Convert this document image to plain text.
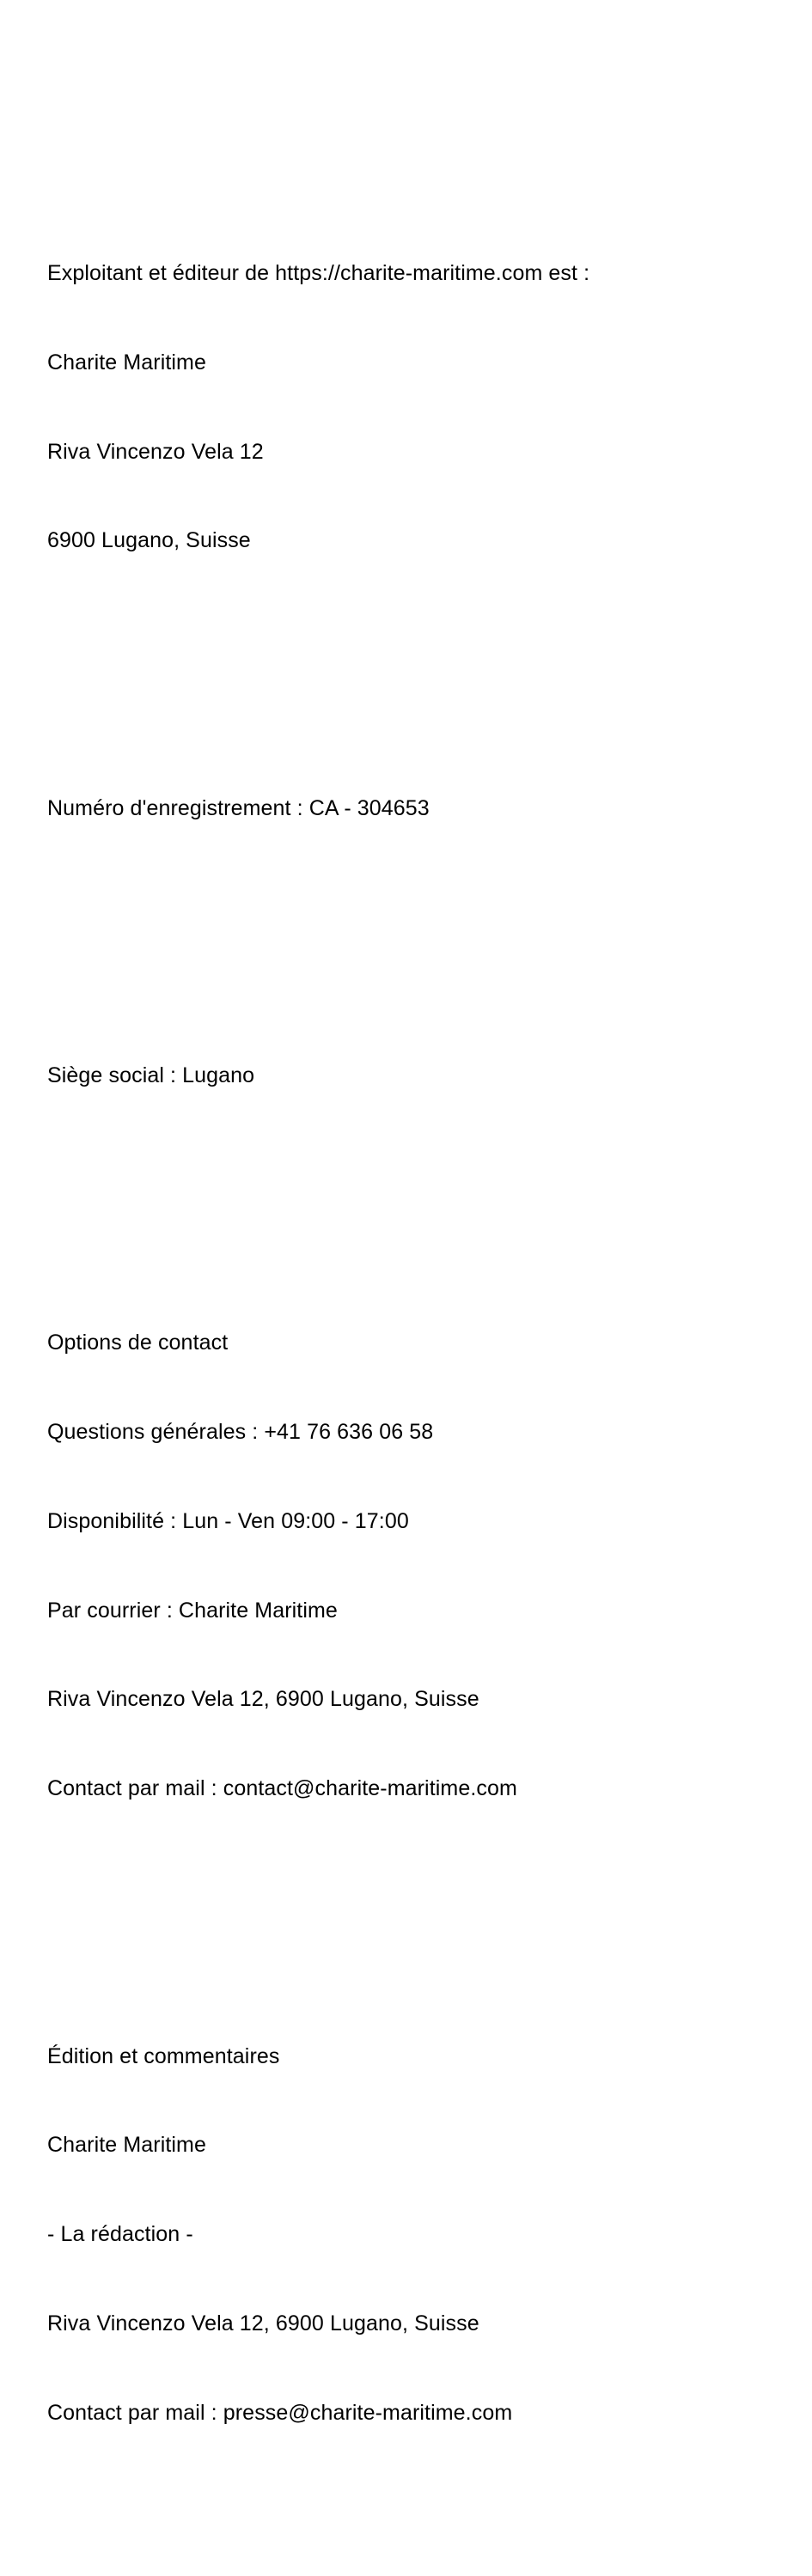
Exploitant et éditeur de https://charite-maritime.com est :

Charite Maritime

Riva Vincenzo Vela 12

6900 Lugano, Suisse

Numéro d'enregistrement : CA - 304653

Siège social : Lugano

Options de contact

Questions générales : +41 76 636 06 58

Disponibilité : Lun - Ven 09:00 - 17:00

Par courrier : Charite Maritime

Riva Vincenzo Vela 12, 6900 Lugano, Suisse

Contact par mail : contact@charite-maritime.com

Édition et commentaires

Charite Maritime

- La rédaction -

Riva Vincenzo Vela 12, 6900 Lugano, Suisse

Contact par mail : presse@charite-maritime.com
